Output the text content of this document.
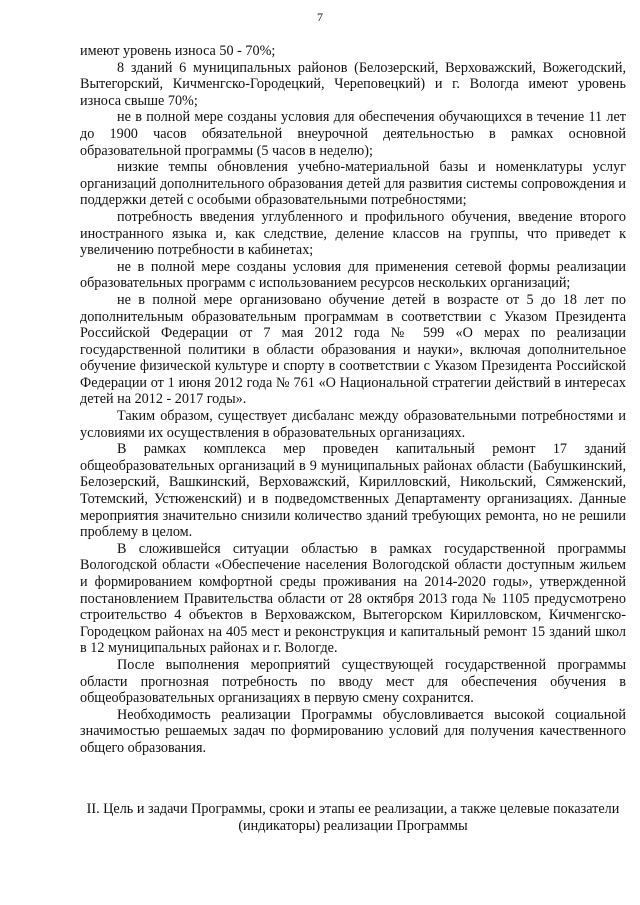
7

имеют уровень износа 50 - 70%;

8 зданий 6 муниципальных районов (Белозерский, Верховажский, Вожегодский, Вытегорский, Кичменгско-Городецкий, Череповецкий) и г. Вологда имеют уровень износа свыше 70%;

не в полной мере созданы условия для обеспечения обучающихся в течение 11 лет до 1900 часов обязательной внеурочной деятельностью в рамках основной образовательной программы (5 часов в неделю);

низкие темпы обновления учебно-материальной базы и номенклатуры услуг организаций дополнительного образования детей для развития системы сопровождения и поддержки детей с особыми образовательными потребностями;

потребность введения углубленного и профильного обучения, введение второго иностранного языка и, как следствие, деление классов на группы, что приведет к увеличению потребности в кабинетах;

не в полной мере созданы условия для применения сетевой формы реализации образовательных программ с использованием ресурсов нескольких организаций;

не в полной мере организовано обучение детей в возрасте от 5 до 18 лет по дополнительным образовательным программам в соответствии с Указом Президента Российской Федерации от 7 мая 2012 года № 599 «О мерах по реализации государственной политики в области образования и науки», включая дополнительное обучение физической культуре и спорту в соответствии с Указом Президента Российской Федерации от 1 июня 2012 года № 761 «О Национальной стратегии действий в интересах детей на 2012 - 2017 годы».

Таким образом, существует дисбаланс между образовательными потребностями и условиями их осуществления в образовательных организациях.

В рамках комплекса мер проведен капитальный ремонт 17 зданий общеобразовательных организаций в 9 муниципальных районах области (Бабушкинский, Белозерский, Вашкинский, Верховажский, Кирилловский, Никольский, Сямженский, Тотемский, Устюженский) и в подведомственных Департаменту организациях. Данные мероприятия значительно снизили количество зданий требующих ремонта, но не решили проблему в целом.

В сложившейся ситуации областью в рамках государственной программы Вологодской области «Обеспечение населения Вологодской области доступным жильем и формированием комфортной среды проживания на 2014-2020 годы», утвержденной постановлением Правительства области от 28 октября 2013 года № 1105 предусмотрено строительство 4 объектов в Верховажском, Вытегорском Кирилловском, Кичменгско-Городецком районах на 405 мест и реконструкция и капитальный ремонт 15 зданий школ в 12 муниципальных районах и г. Вологде.

После выполнения мероприятий существующей государственной программы области прогнозная потребность по вводу мест для обеспечения обучения в общеобразовательных организациях в первую смену сохранится.

Необходимость реализации Программы обусловливается высокой социальной значимостью решаемых задач по формированию условий для получения качественного общего образования.

II. Цель и задачи Программы, сроки и этапы ее реализации, а также целевые показатели (индикаторы) реализации Программы
